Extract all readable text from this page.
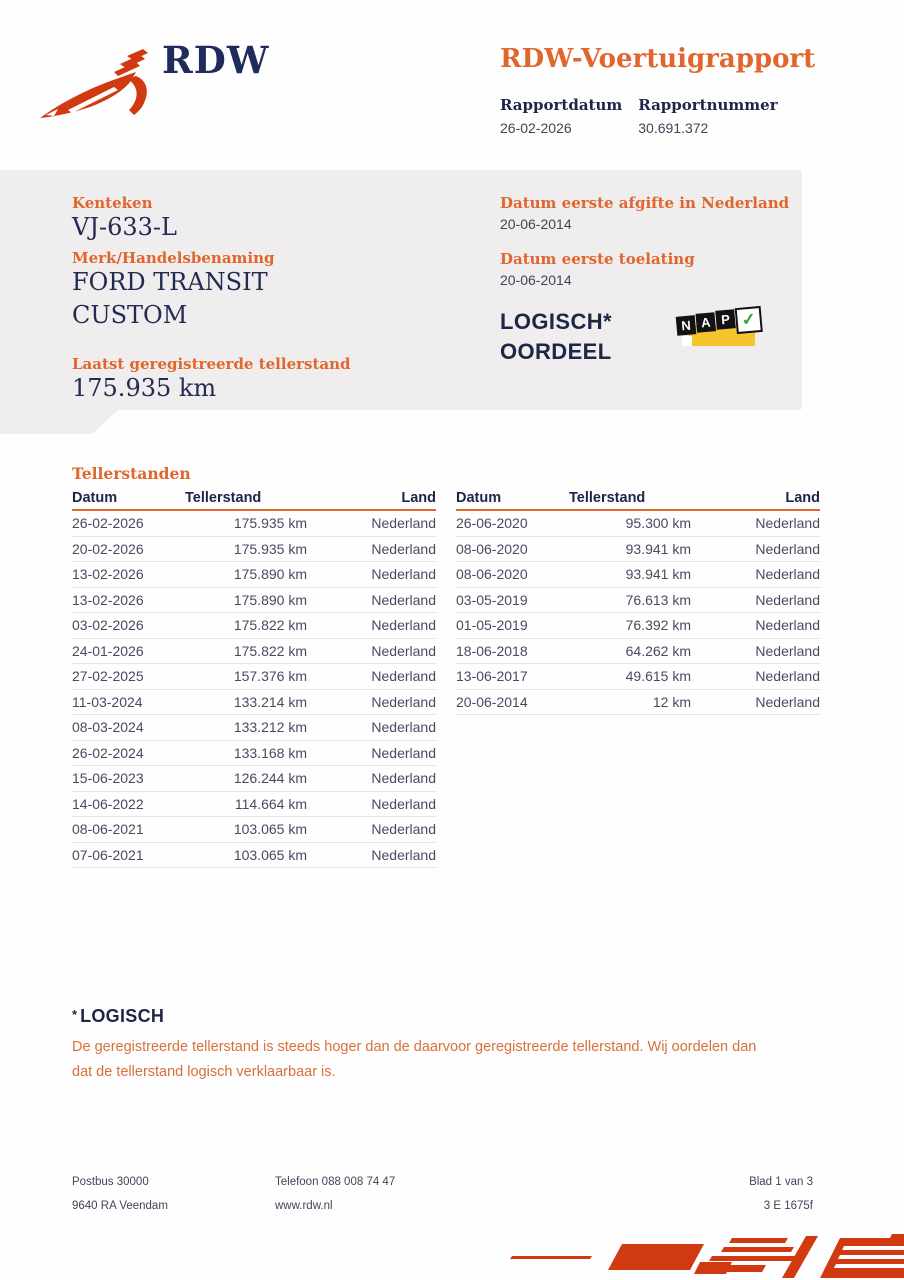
RDW	RDW-Voertuigrapport
Rapportdatum
26-02-2026
Rapportnummer
30.691.372
Kenteken
VJ-633-L
Merk/Handelsbenaming
FORD TRANSIT
CUSTOM
Laatst geregistreerde tellerstand
175.935 km
Datum eerste afgifte in Nederland
20-06-2014
Datum eerste toelating
20-06-2014
LOGISCH*
OORDEEL
N A P ✓
Tellerstanden
Datum	Tellerstand	Land
26-02-2026	175.935 km	Nederland
20-02-2026	175.935 km	Nederland
13-02-2026	175.890 km	Nederland
13-02-2026	175.890 km	Nederland
03-02-2026	175.822 km	Nederland
24-01-2026	175.822 km	Nederland
27-02-2025	157.376 km	Nederland
11-03-2024	133.214 km	Nederland
08-03-2024	133.212 km	Nederland
26-02-2024	133.168 km	Nederland
15-06-2023	126.244 km	Nederland
14-06-2022	114.664 km	Nederland
08-06-2021	103.065 km	Nederland
07-06-2021	103.065 km	Nederland
Datum	Tellerstand	Land
26-06-2020	95.300 km	Nederland
08-06-2020	93.941 km	Nederland
08-06-2020	93.941 km	Nederland
03-05-2019	76.613 km	Nederland
01-05-2019	76.392 km	Nederland
18-06-2018	64.262 km	Nederland
13-06-2017	49.615 km	Nederland
20-06-2014	12 km	Nederland
* LOGISCH
De geregistreerde tellerstand is steeds hoger dan de daarvoor geregistreerde tellerstand. Wij oordelen dan dat de tellerstand logisch verklaarbaar is.
Postbus 30000
9640 RA Veendam
Telefoon 088 008 74 47
www.rdw.nl
Blad 1 van 3
3 E 1675f
